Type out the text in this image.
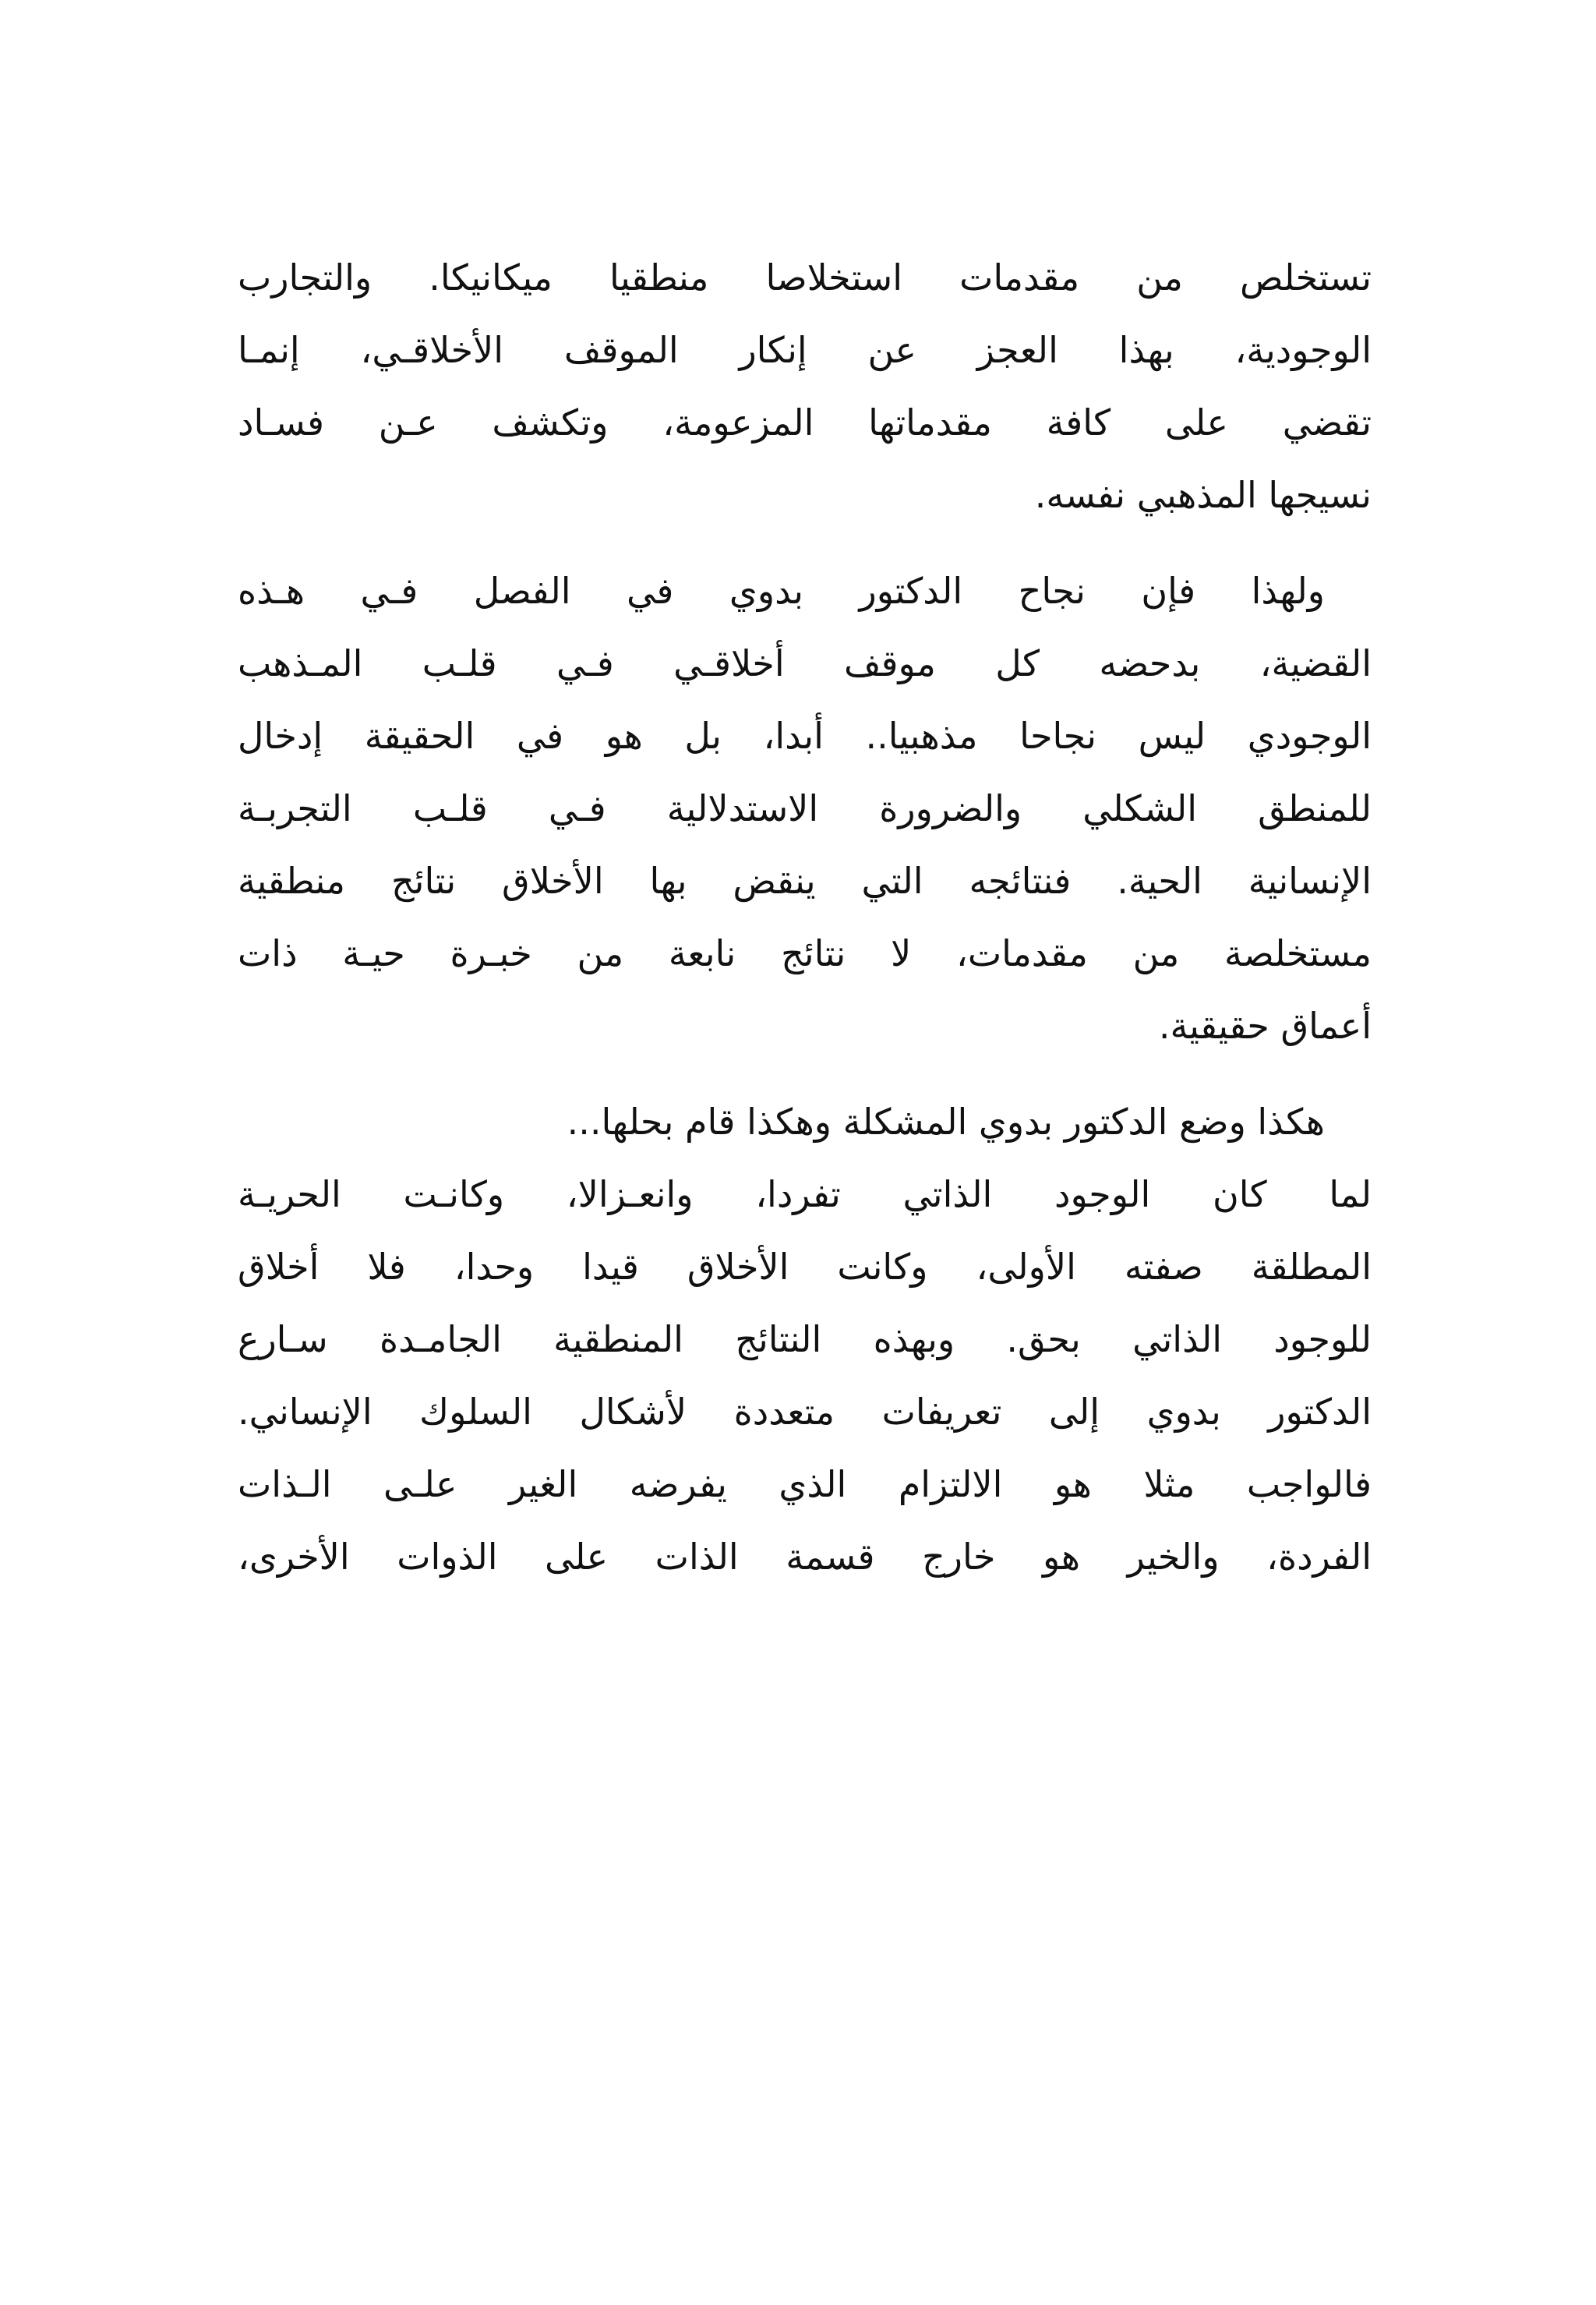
تستخلص من مقدمات استخلاصا منطقيا ميكانيكا. والتجارب
الوجودية، بهذا العجز عن إنكار الموقف الأخلاقـي، إنمـا
تقضي على كافة مقدماتها المزعومة، وتكشف عـن فسـاد
نسيجها المذهبي نفسه.
ولهذا فإن نجاح الدكتور بدوي في الفصل فـي هـذه
القضية، بدحضه كل موقف أخلاقـي فـي قلـب المـذهب
الوجودي ليس نجاحا مذهبيا.. أبدا، بل هو في الحقيقة إدخال
للمنطق الشكلي والضرورة الاستدلالية فـي قلـب التجربـة
الإنسانية الحية. فنتائجه التي ينقض بها الأخلاق نتائج منطقية
مستخلصة من مقدمات، لا نتائج نابعة من خبـرة حيـة ذات
أعماق حقيقية.
هكذا وضع الدكتور بدوي المشكلة وهكذا قام بحلها...
لما كان الوجود الذاتي تفردا، وانعـزالا، وكانـت الحريـة
المطلقة صفته الأولى، وكانت الأخلاق قيدا وحدا، فلا أخلاق
للوجود الذاتي بحق. وبهذه النتائج المنطقية الجامـدة سـارع
الدكتور بدوي إلى تعريفات متعددة لأشكال السلوك الإنساني.
فالواجب مثلا هو الالتزام الذي يفرضه الغير علـى الـذات
الفردة، والخير هو خارج قسمة الذات على الذوات الأخرى،
